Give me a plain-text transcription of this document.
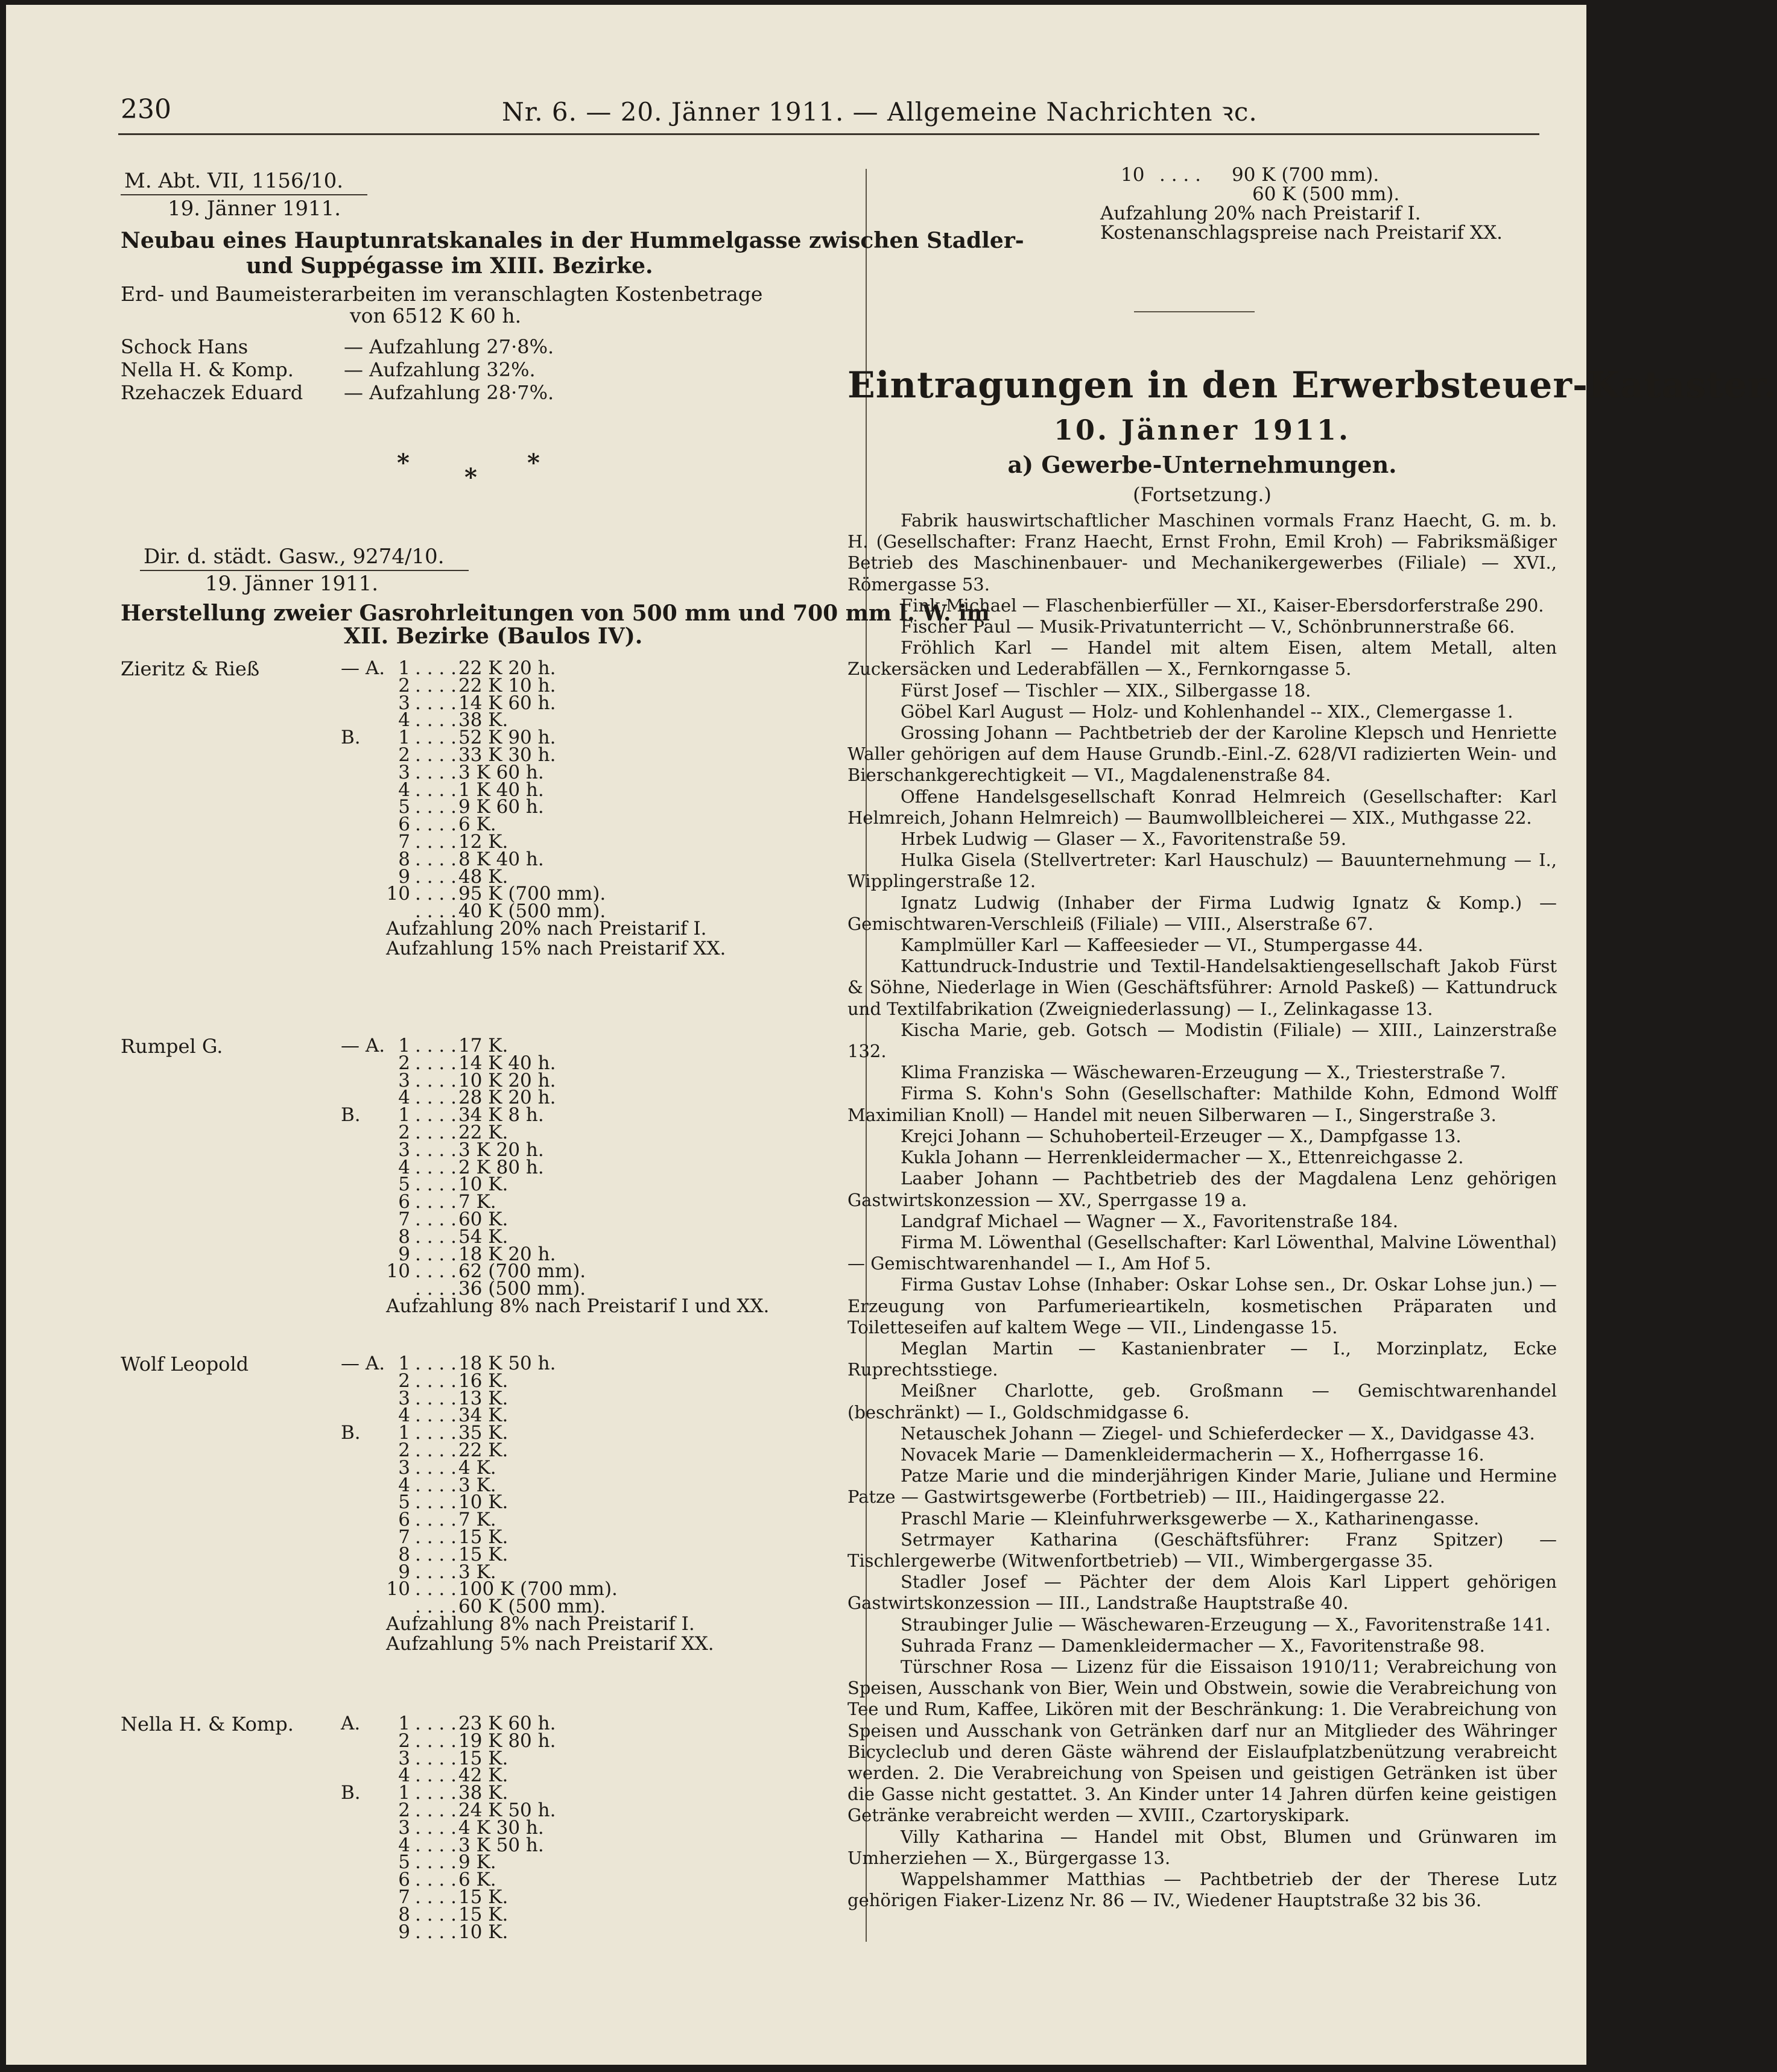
230	Nr. 6. — 20. Jänner 1911. — Allgemeine Nachrichten ꝛc.
M. Abt. VII, 1156/10.
19. Jänner 1911.
Neubau eines Hauptunratskanales in der Hummelgasse zwischen Stadler-
und Suppégasse im XIII. Bezirke.
Erd- und Baumeisterarbeiten im veranschlagten Kostenbetrage
von 6512 K 60 h.
Schock Hans	— Aufzahlung 27·8%.
Nella H. & Komp.	— Aufzahlung 32%.
Rzehaczek Eduard — Aufzahlung 28·7%.
*
*
*
Dir. d. städt. Gasw., 9274/10.
19. Jänner 1911.
Herstellung zweier Gasrohrleitungen von 500 mm und 700 mm l. W. im
XII. Bezirke (Baulos IV).
Zieritz & Rieß	— A. 1 . . . . 22 K 20 h.
2 . . . . 22 K 10 h.
3 . . . . 14 K 60 h.
4 . . . . 38 K.
B.	1 . . . . 52 K 90 h.
2 . . . . 33 K 30 h.
3 . . . . 3 K 60 h.
4 . . . . 1 K 40 h.
5 . . . . 9 K 60 h.
6 . . . . 6 K.
7 . . . . 12 K.
8 . . . . 8 K 40 h.
9 . . . . 48 K.
10 . . . . 95 K (700 mm).
. . . . 40 K (500 mm).
Aufzahlung 20% nach Preistarif I.
Aufzahlung 15% nach Preistarif XX.
Rumpel G.	— A. 1 . . . . 17 K.
2 . . . . 14 K 40 h.
3 . . . . 10 K 20 h.
4 . . . . 28 K 20 h.
B.	1 . . . . 34 K 8 h.
2 . . . . 22 K.
3 . . . . 3 K 20 h.
4 . . . . 2 K 80 h.
5 . . . . 10 K.
6 . . . . 7 K.
7 . . . . 60 K.
8 . . . . 54 K.
9 . . . . 18 K 20 h.
10 . . . . 62 (700 mm).
. . . . 36 (500 mm).
Aufzahlung 8% nach Preistarif I und XX.
Wolf Leopold	— A. 1 . . . . 18 K 50 h.
2 . . . . 16 K.
3 . . . . 13 K.
4 . . . . 34 K.
B.	1 . . . . 35 K.
2 . . . . 22 K.
3 . . . . 4 K.
4 . . . . 3 K.
5 . . . . 10 K.
6 . . . . 7 K.
7 . . . . 15 K.
8 . . . . 15 K.
9 . . . . 3 K.
10 . . . . 100 K (700 mm).
. . . . 60 K (500 mm).
Aufzahlung 8% nach Preistarif I.
Aufzahlung 5% nach Preistarif XX.
Nella H. & Komp.	A.	1 . . . . 23 K 60 h.
2 . . . . 19 K 80 h.
3 . . . . 15 K.
4 . . . . 42 K.
B.	1 . . . . 38 K.
2 . . . . 24 K 50 h.
3 . . . . 4 K 30 h.
4 . . . . 3 K 50 h.
5 . . . . 9 K.
6 . . . . 6 K.
7 . . . . 15 K.
8 . . . . 15 K.
9 . . . . 10 K.
10	90 K (700 mm).
60 K (500 mm).
Aufzahlung 20% nach Preistarif I.
Kostenanschlagspreise nach Preistarif XX.
. . . .
Eintragungen in den Erwerbsteuer-Kataster.
10. Jänner 1911.
a) Gewerbe-Unternehmungen.
(Fortsetzung.)

Fabrik hauswirtschaftlicher Maschinen vormals Franz Haecht, G. m. b. H. (Gesellschafter: Franz Haecht, Ernst Frohn, Emil Kroh) — Fabriksmäßiger Betrieb des Maschinenbauer- und Mechanikergewerbes (Filiale) — XVI., Römergasse 53.

Fink Michael — Flaschenbierfüller — XI., Kaiser-Ebersdorferstraße 290.

Fischer Paul — Musik-Privatunterricht — V., Schönbrunnerstraße 66.

Fröhlich Karl — Handel mit altem Eisen, altem Metall, alten Zuckersäcken und Lederabfällen — X., Fernkorngasse 5.

Fürst Josef — Tischler — XIX., Silbergasse 18.

Göbel Karl August — Holz- und Kohlenhandel -- XIX., Clemergasse 1.

Grossing Johann — Pachtbetrieb der der Karoline Klepsch und Henriette Waller gehörigen auf dem Hause Grundb.-Einl.-Z. 628/VI radizierten Wein- und Bierschankgerechtigkeit — VI., Magdalenenstraße 84.

Offene Handelsgesellschaft Konrad Helmreich (Gesellschafter: Karl Helmreich, Johann Helmreich) — Baumwollbleicherei — XIX., Muthgasse 22.

Hrbek Ludwig — Glaser — X., Favoritenstraße 59.

Hulka Gisela (Stellvertreter: Karl Hauschulz) — Bauunternehmung — I., Wipplingerstraße 12.

Ignatz Ludwig (Inhaber der Firma Ludwig Ignatz & Komp.) — Gemischtwaren-Verschleiß (Filiale) — VIII., Alserstraße 67.

Kamplmüller Karl — Kaffeesieder — VI., Stumpergasse 44.

Kattundruck-Industrie und Textil-Handelsaktiengesellschaft Jakob Fürst & Söhne, Niederlage in Wien (Geschäftsführer: Arnold Paskeß) — Kattundruck und Textilfabrikation (Zweigniederlassung) — I., Zelinkagasse 13.

Kischa Marie, geb. Gotsch — Modistin (Filiale) — XIII., Lainzerstraße 132.

Klima Franziska — Wäschewaren-Erzeugung — X., Triesterstraße 7.

Firma S. Kohn's Sohn (Gesellschafter: Mathilde Kohn, Edmond Wolff Maximilian Knoll) — Handel mit neuen Silberwaren — I., Singerstraße 3.

Krejci Johann — Schuhoberteil-Erzeuger — X., Dampfgasse 13.

Kukla Johann — Herrenkleidermacher — X., Ettenreichgasse 2.

Laaber Johann — Pachtbetrieb des der Magdalena Lenz gehörigen Gastwirtskonzession — XV., Sperrgasse 19 a.

Landgraf Michael — Wagner — X., Favoritenstraße 184.

Firma M. Löwenthal (Gesellschafter: Karl Löwenthal, Malvine Löwenthal) — Gemischtwarenhandel — I., Am Hof 5.

Firma Gustav Lohse (Inhaber: Oskar Lohse sen., Dr. Oskar Lohse jun.) — Erzeugung von Parfumerieartikeln, kosmetischen Präparaten und Toiletteseifen auf kaltem Wege — VII., Lindengasse 15.

Meglan Martin — Kastanienbrater — I., Morzinplatz, Ecke Ruprechtsstiege.

Meißner Charlotte, geb. Großmann — Gemischtwarenhandel (beschränkt) — I., Goldschmidgasse 6.

Netauschek Johann — Ziegel- und Schieferdecker — X., Davidgasse 43.

Novacek Marie — Damenkleidermacherin — X., Hofherrgasse 16.

Patze Marie und die minderjährigen Kinder Marie, Juliane und Hermine Patze — Gastwirtsgewerbe (Fortbetrieb) — III., Haidingergasse 22.

Praschl Marie — Kleinfuhrwerksgewerbe — X., Katharinengasse.

Setrmayer Katharina (Geschäftsführer: Franz Spitzer) — Tischlergewerbe (Witwenfortbetrieb) — VII., Wimbergergasse 35.

Stadler Josef — Pächter der dem Alois Karl Lippert gehörigen Gastwirtskonzession — III., Landstraße Hauptstraße 40.

Straubinger Julie — Wäschewaren-Erzeugung — X., Favoritenstraße 141.

Suhrada Franz — Damenkleidermacher — X., Favoritenstraße 98.

Türschner Rosa — Lizenz für die Eissaison 1910/11; Verabreichung von Speisen, Ausschank von Bier, Wein und Obstwein, sowie die Verabreichung von Tee und Rum, Kaffee, Likören mit der Beschränkung: 1. Die Verabreichung von Speisen und Ausschank von Getränken darf nur an Mitglieder des Währinger Bicycleclub und deren Gäste während der Eislaufplatzbenützung verabreicht werden. 2. Die Verabreichung von Speisen und geistigen Getränken ist über die Gasse nicht gestattet. 3. An Kinder unter 14 Jahren dürfen keine geistigen Getränke verabreicht werden — XVIII., Czartoryskipark.

Villy Katharina — Handel mit Obst, Blumen und Grünwaren im Umherziehen — X., Bürgergasse 13.

Wappelshammer Matthias — Pachtbetrieb der der Therese Lutz gehörigen Fiaker-Lizenz Nr. 86 — IV., Wiedener Hauptstraße 32 bis 36.
